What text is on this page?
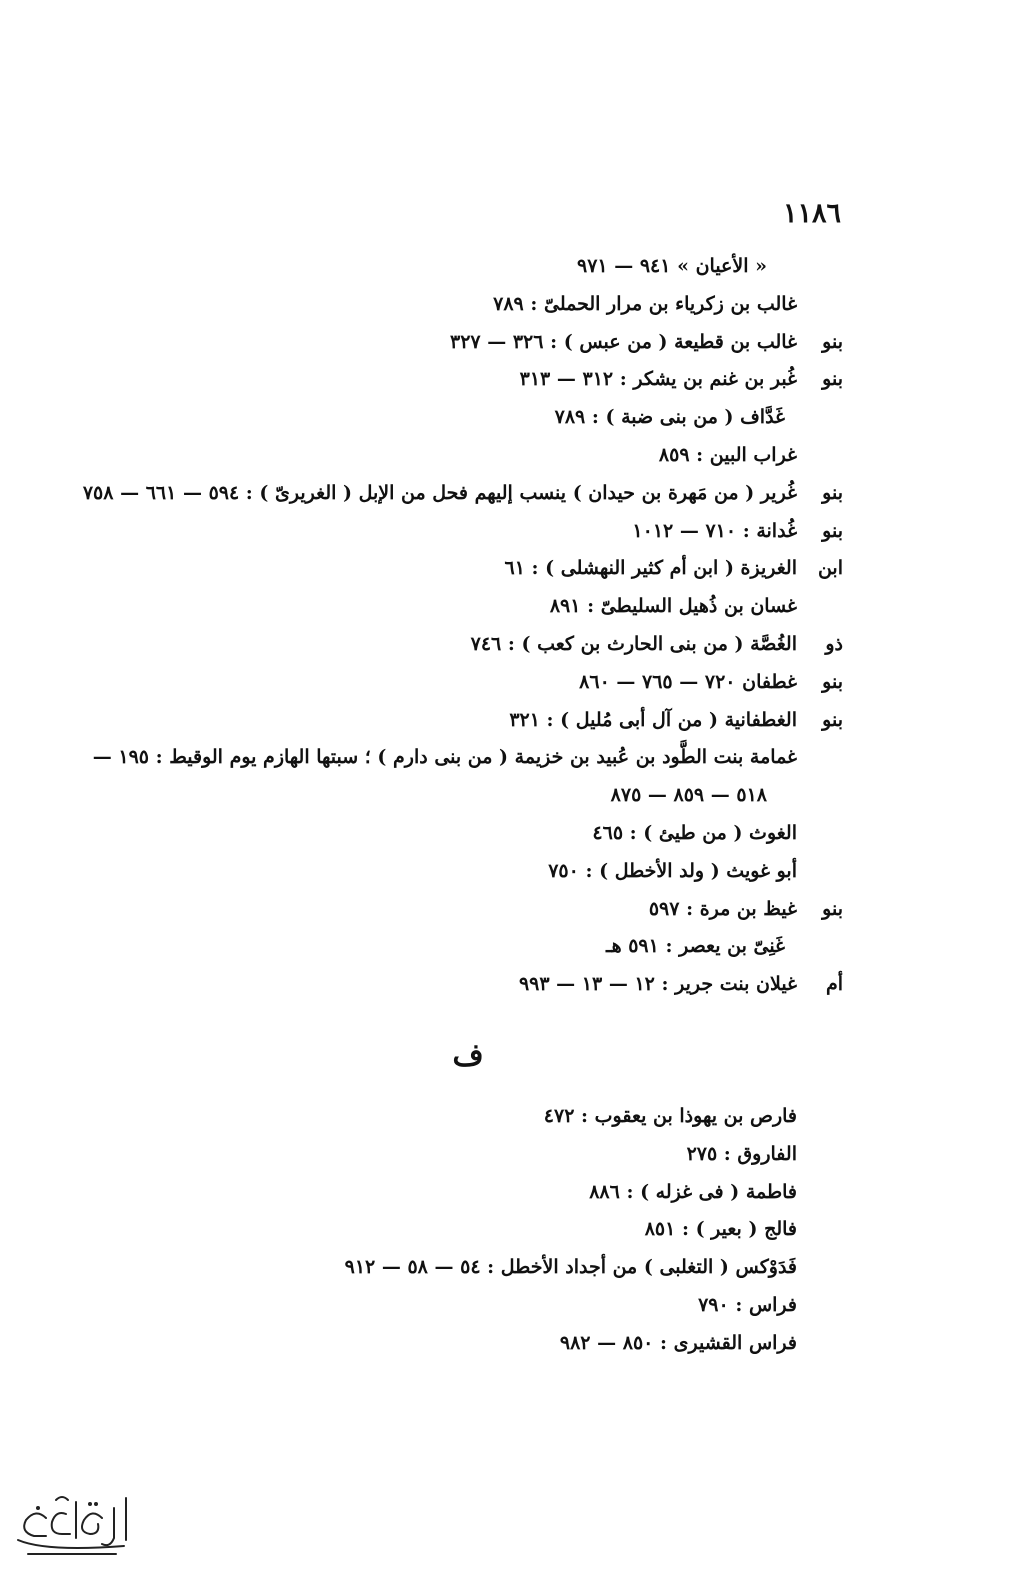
١١٨٦
« الأعيان » ٩٤١ — ٩٧١
غالب بن زكرياء بن مرار الحملىّ : ٧٨٩
بنو
غالب بن قطيعة ( من عبس ) : ٣٢٦ — ٣٢٧
بنو
غُبر بن غنم بن يشكر : ٣١٢ — ٣١٣
غَدَّاف ( من بنى ضبة ) : ٧٨٩
غراب البين : ٨٥٩
بنو
غُرير ( من مَهرة بن حيدان ) ينسب إليهم فحل من الإبل ( الغريرىّ ) : ٥٩٤ — ٦٦١ — ٧٥٨
بنو
غُدانة : ٧١٠ — ١٠١٢
ابن
الغريزة ( ابن أم كثير النهشلى ) : ٦١
غسان بن ذُهيل السليطىّ : ٨٩١
ذو
الغُصَّة ( من بنى الحارث بن كعب ) : ٧٤٦
بنو
غطفان ٧٢٠ — ٧٦٥ — ٨٦٠
بنو
الغطفانية ( من آل أبى مُليل ) : ٣٢١
غمامة بنت الطَّود بن عُبيد بن خزيمة ( من بنى دارم ) ؛ سبتها الهازم يوم الوقيط : ١٩٥ —
٥١٨ — ٨٥٩ — ٨٧٥
الغوث ( من طيئ ) : ٤٦٥
أبو غويث ( ولد الأخطل ) : ٧٥٠
بنو
غيظ بن مرة : ٥٩٧
غَنِىّ بن يعصر : ٥٩١ هـ
أم
غيلان بنت جرير : ١٢ — ١٣ — ٩٩٣
ف
فارص بن يهوذا بن يعقوب : ٤٧٢
الفاروق : ٢٧٥
فاطمة ( فى غزله ) : ٨٨٦
فالج ( بعير ) : ٨٥١
فَدَوْكس ( التغلبى ) من أجداد الأخطل : ٥٤ — ٥٨ — ٩١٢
فراس : ٧٩٠
فراس القشيرى : ٨٥٠ — ٩٨٢
